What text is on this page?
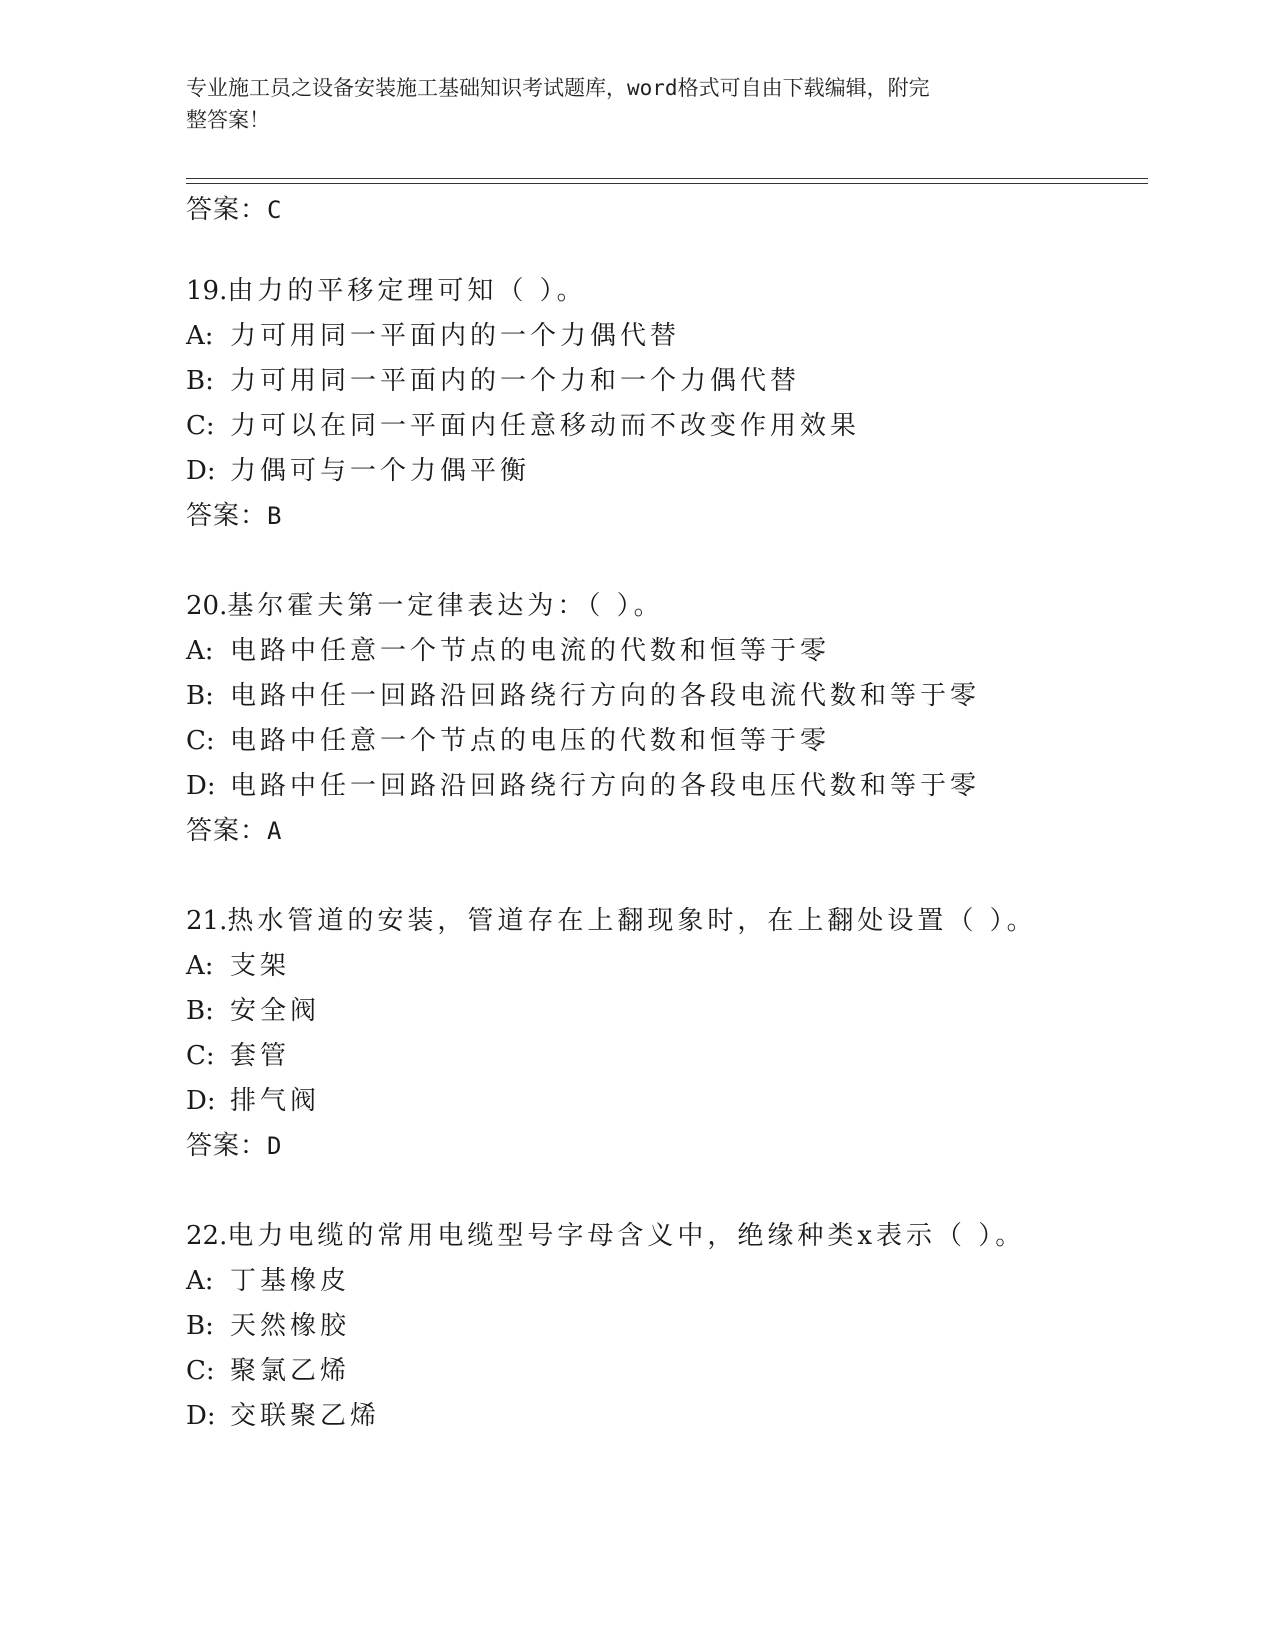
专业施工员之设备安装施工基础知识考试题库，word格式可自由下载编辑，附完
整答案！
答案：C
19.由力的平移定理可知（ ）。
A: 力可用同一平面内的一个力偶代替
B: 力可用同一平面内的一个力和一个力偶代替
C: 力可以在同一平面内任意移动而不改变作用效果
D: 力偶可与一个力偶平衡
答案：B
20.基尔霍夫第一定律表达为：（ ）。
A: 电路中任意一个节点的电流的代数和恒等于零
B: 电路中任一回路沿回路绕行方向的各段电流代数和等于零
C: 电路中任意一个节点的电压的代数和恒等于零
D: 电路中任一回路沿回路绕行方向的各段电压代数和等于零
答案：A
21.热水管道的安装，管道存在上翻现象时，在上翻处设置（ ）。
A: 支架
B: 安全阀
C: 套管
D: 排气阀
答案：D
22.电力电缆的常用电缆型号字母含义中，绝缘种类x表示（ ）。
A: 丁基橡皮
B: 天然橡胶
C: 聚氯乙烯
D: 交联聚乙烯
